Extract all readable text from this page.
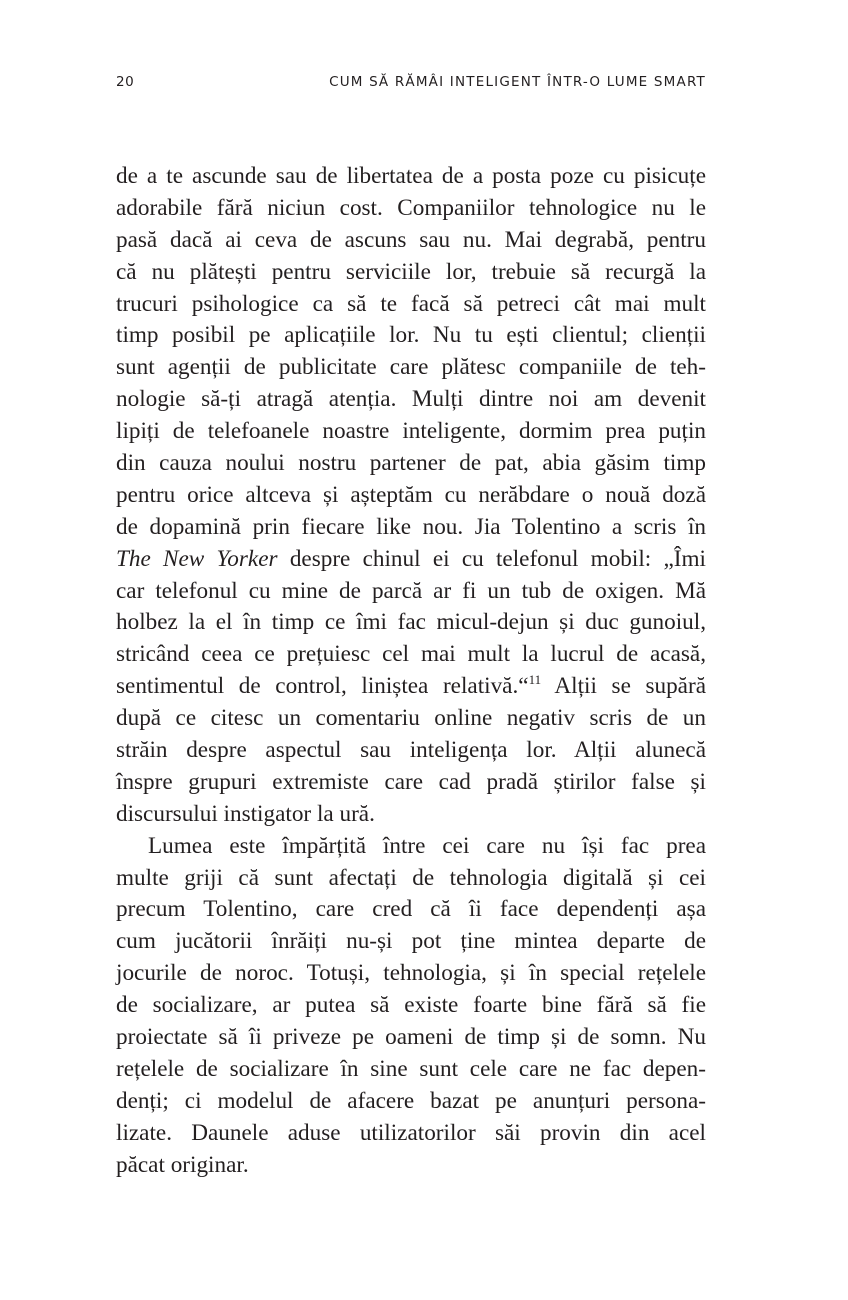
20	CUM SĂ RĂMÂI INTELIGENT ÎNTR-O LUME SMART
de a te ascunde sau de libertatea de a posta poze cu pisicuțe
adorabile fără niciun cost. Companiilor tehnologice nu le
pasă dacă ai ceva de ascuns sau nu. Mai degrabă, pentru
că nu plătești pentru serviciile lor, trebuie să recurgă la
trucuri psihologice ca să te facă să petreci cât mai mult
timp posibil pe aplicațiile lor. Nu tu ești clientul; clienții
sunt agenții de publicitate care plătesc companiile de teh-
nologie să-ți atragă atenția. Mulți dintre noi am devenit
lipiți de telefoanele noastre inteligente, dormim prea puțin
din cauza noului nostru partener de pat, abia găsim timp
pentru orice altceva și așteptăm cu nerăbdare o nouă doză
de dopamină prin fiecare like nou. Jia Tolentino a scris în
The New Yorker despre chinul ei cu telefonul mobil: „Îmi
car telefonul cu mine de parcă ar fi un tub de oxigen. Mă
holbez la el în timp ce îmi fac micul-dejun și duc gunoiul,
stricând ceea ce prețuiesc cel mai mult la lucrul de acasă,
sentimentul de control, liniștea relativă.“$^{11}$ Alții se supără
după ce citesc un comentariu online negativ scris de un
străin despre aspectul sau inteligența lor. Alții alunecă
înspre grupuri extremiste care cad pradă știrilor false și
discursului instigator la ură.
Lumea este împărțită între cei care nu își fac prea
multe griji că sunt afectați de tehnologia digitală și cei
precum Tolentino, care cred că îi face dependenți așa
cum jucătorii înrăiți nu-și pot ține mintea departe de
jocurile de noroc. Totuși, tehnologia, și în special rețelele
de socializare, ar putea să existe foarte bine fără să fie
proiectate să îi priveze pe oameni de timp și de somn. Nu
rețelele de socializare în sine sunt cele care ne fac depen-
denți; ci modelul de afacere bazat pe anunțuri persona-
lizate. Daunele aduse utilizatorilor săi provin din acel
păcat originar.
